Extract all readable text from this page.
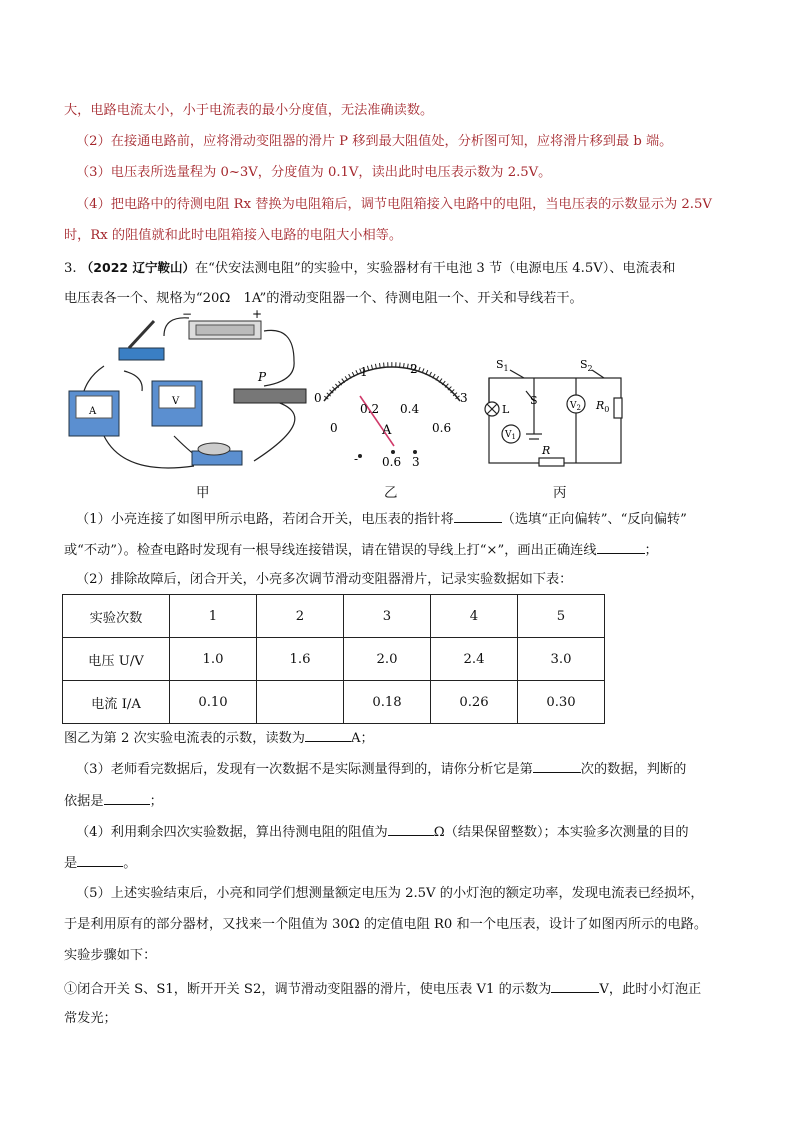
大，电路电流太小，小于电流表的最小分度值，无法准确读数。
（2）在接通电路前，应将滑动变阻器的滑片 P 移到最大阻值处，分析图可知，应将滑片移到最 b 端。
（3）电压表所选量程为 0~3V，分度值为 0.1V，读出此时电压表示数为 2.5V。
（4）把电路中的待测电阻 Rx 替换为电阻箱后，调节电阻箱接入电路中的电阻，当电压表的示数显示为 2.5V
时，Rx 的阻值就和此时电阻箱接入电路的电阻大小相等。
3. （2022 辽宁鞍山）在“伏安法测电阻”的实验中，实验器材有干电池 3 节（电源电压 4.5V）、电流表和
电压表各一个、规格为“20Ω　1A”的滑动变阻器一个、待测电阻一个、开关和导线若干。
−	+
A
V
P
0
1	2
3
0
0.2 0.4
0.6
A
- 0.6 3
$S_1$
S
$S_2$
L	$V_2$ $R_0$
$V_1$
R
甲	乙	丙
（1）小亮连接了如图甲所示电路，若闭合开关，电压表的指针将	（选填“正向偏转”、“反向偏转”
或“不动”）。检查电路时发现有一根导线连接错误，请在错误的导线上打“×”，画出正确连线	；
（2）排除故障后，闭合开关，小亮多次调节滑动变阻器滑片，记录实验数据如下表：
实验次数	1	2	3	4	5
电压 U/V	1.0	1.6	2.0	2.4	3.0
电流 I/A	0.10		0.18	0.26	0.30
图乙为第 2 次实验电流表的示数，读数为	A；
（3）老师看完数据后，发现有一次数据不是实际测量得到的，请你分析它是第	次的数据，判断的
依据是	；
（4）利用剩余四次实验数据，算出待测电阻的阻值为	Ω（结果保留整数）；本实验多次测量的目的
是	。
（5）上述实验结束后，小亮和同学们想测量额定电压为 2.5V 的小灯泡的额定功率，发现电流表已经损坏，
于是利用原有的部分器材，又找来一个阻值为 30Ω 的定值电阻 R0 和一个电压表，设计了如图丙所示的电路。
实验步骤如下：
①闭合开关 S、S1，断开开关 S2，调节滑动变阻器的滑片，使电压表 V1 的示数为	V，此时小灯泡正
常发光；
